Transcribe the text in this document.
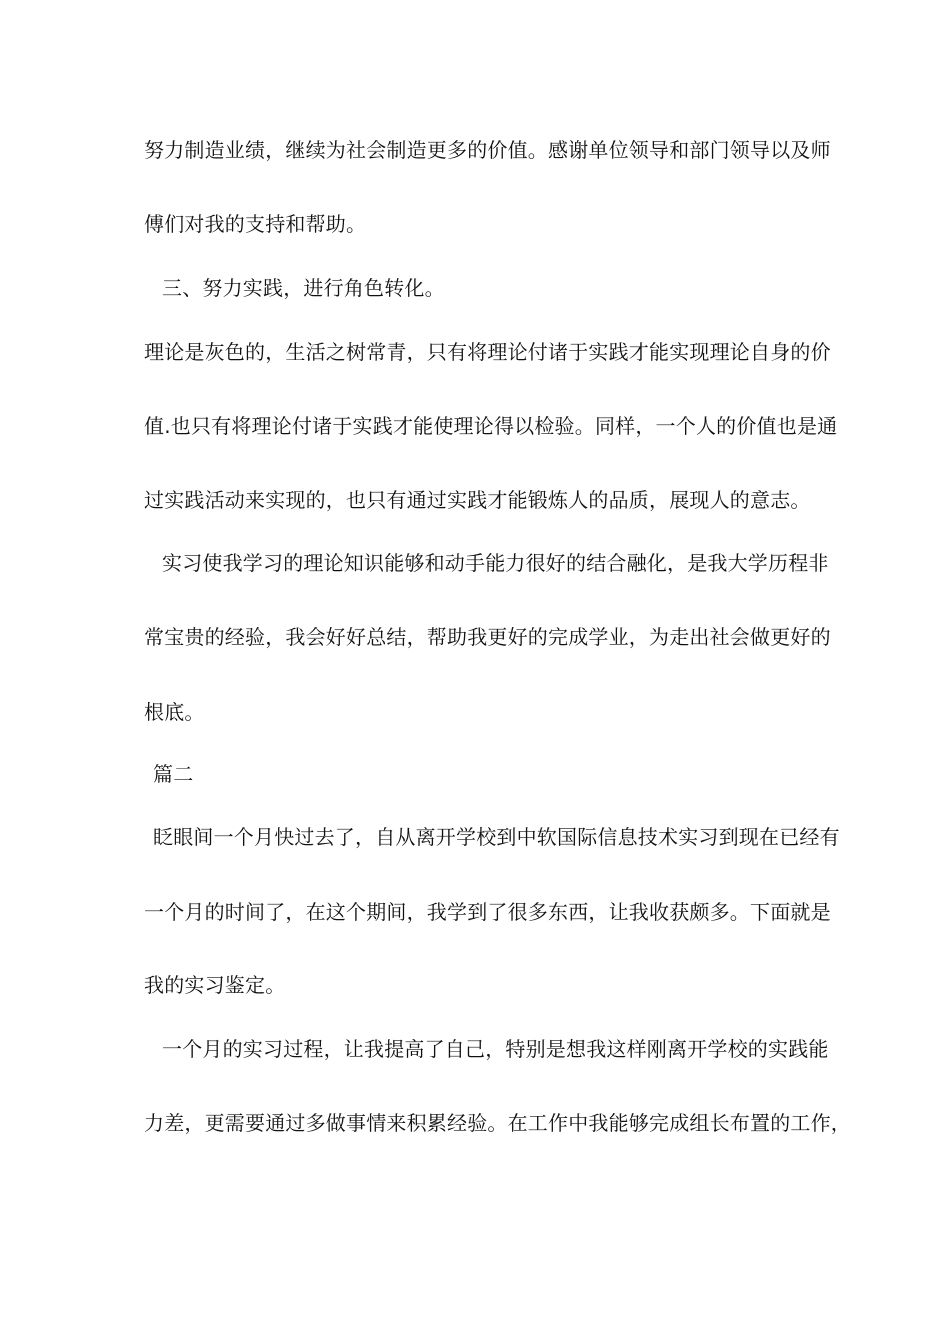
努力制造业绩，继续为社会制造更多的价值。感谢单位领导和部门领导以及师
傅们对我的支持和帮助。
三、努力实践，进行角色转化。
理论是灰色的，生活之树常青，只有将理论付诸于实践才能实现理论自身的价
值.也只有将理论付诸于实践才能使理论得以检验。同样，一个人的价值也是通
过实践活动来实现的，也只有通过实践才能锻炼人的品质，展现人的意志。
实习使我学习的理论知识能够和动手能力很好的结合融化，是我大学历程非
常宝贵的经验，我会好好总结，帮助我更好的完成学业，为走出社会做更好的
根底。
篇二
眨眼间一个月快过去了，自从离开学校到中软国际信息技术实习到现在已经有
一个月的时间了，在这个期间，我学到了很多东西，让我收获颇多。下面就是
我的实习鉴定。
一个月的实习过程，让我提高了自己，特别是想我这样刚离开学校的实践能
力差，更需要通过多做事情来积累经验。在工作中我能够完成组长布置的工作，
